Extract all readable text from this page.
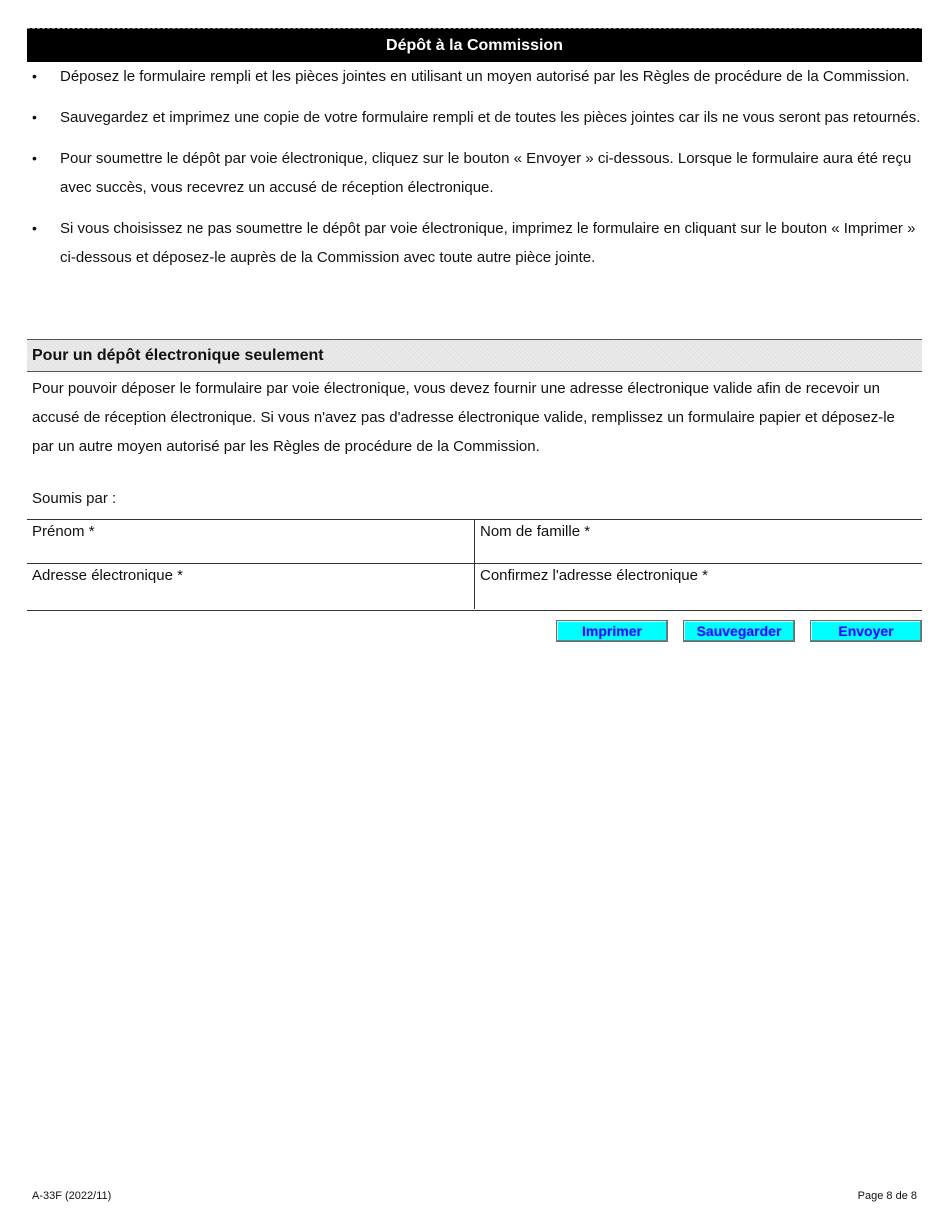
Dépôt à la Commission
• Déposez le formulaire rempli et les pièces jointes en utilisant un moyen autorisé par les Règles de procédure de la Commission.
• Sauvegardez et imprimez une copie de votre formulaire rempli et de toutes les pièces jointes car ils ne vous seront pas retournés.
• Pour soumettre le dépôt par voie électronique, cliquez sur le bouton « Envoyer » ci-dessous. Lorsque le formulaire aura été reçu avec succès, vous recevrez un accusé de réception électronique.
• Si vous choisissez ne pas soumettre le dépôt par voie électronique, imprimez le formulaire en cliquant sur le bouton « Imprimer » ci-dessous et déposez-le auprès de la Commission avec toute autre pièce jointe.
Pour un dépôt électronique seulement

Pour pouvoir déposer le formulaire par voie électronique, vous devez fournir une adresse électronique valide afin de recevoir un accusé de réception électronique. Si vous n'avez pas d'adresse électronique valide, remplissez un formulaire papier et déposez-le par un autre moyen autorisé par les Règles de procédure de la Commission.

Soumis par :
Prénom *	Nom de famille *
Adresse électronique *	Confirmez l'adresse électronique *
Imprimer	Sauvegarder	Envoyer
A-33F (2022/11)	Page 8 de 8
